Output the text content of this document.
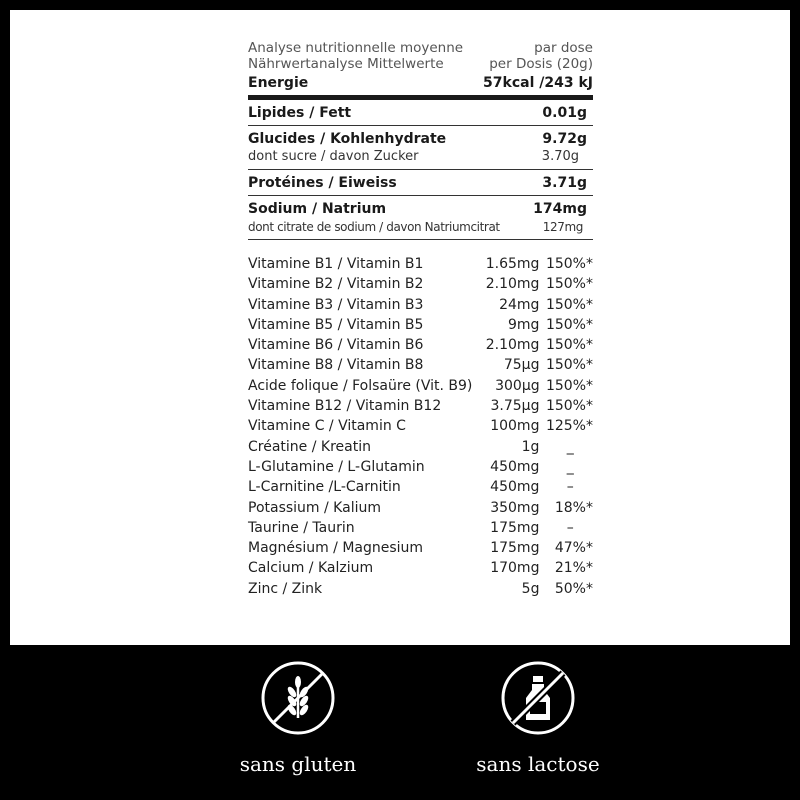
Analyse nutritionnelle moyenne
Nährwertanalyse Mittelwerte
par dose
per Dosis (20g)
Energie	57kcal /243 kJ
Lipides / Fett	0.01g
Glucides / Kohlenhydrate	9.72g
dont sucre / davon Zucker	3.70g
Protéines / Eiweiss	3.71g
Sodium / Natrium	174mg
dont citrate de sodium / davon Natriumcitrat	127mg
Vitamine B1 / Vitamin B1	1.65mg 150%*
Vitamine B2 / Vitamin B2	2.10mg 150%*
Vitamine B3 / Vitamin B3	24mg 150%*
Vitamine B5 / Vitamin B5	9mg 150%*
Vitamine B6 / Vitamin B6	2.10mg 150%*
Vitamine B8 / Vitamin B8	75µg 150%*
Acide folique / Folsaüre (Vit. B9)	300µg 150%*
Vitamine B12 / Vitamin B12	3.75µg 150%*
Vitamine C / Vitamin C	100mg 125%*
Créatine / Kreatin	1g	_
L-Glutamine / L-Glutamin	450mg	_
L-Carnitine /L-Carnitin	450mg	–
Potassium / Kalium	350mg	18%*
Taurine / Taurin	175mg	–
Magnésium / Magnesium	175mg	47%*
Calcium / Kalzium	170mg	21%*
Zinc / Zink	5g	50%*
sans gluten	sans lactose
